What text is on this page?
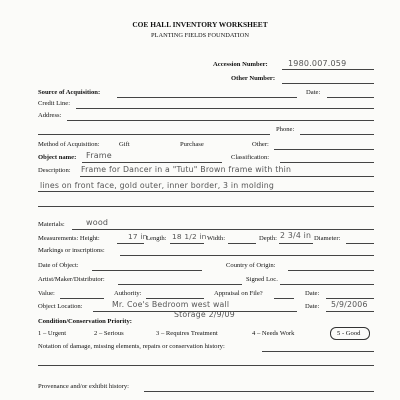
COE HALL INVENTORY WORKSHEET
PLANTING FIELDS FOUNDATION
Accession Number:	1980.007.059
Other Number:
Source of Acquisition:	Date:
Credit Line:
Address:
Phone:
Method of Acquisition:	Gift	Purchase	Other:
Object name: Frame	Classification:
Description: Frame for Dancer in a "Tutu" Brown frame with thin
lines on front face, gold outer, inner border, 3 in molding
Materials:	wood
Measurements: Height:	17 in
Length: 18 1/2 in Width:	Depth: 2 3/4 in Diameter:
Markings or inscriptions:
Date of Object:	Country of Origin:
Artist/Maker/Distributor:	Signed Loc.
Value:	Authority:	Appraisal on File?	Date:
Object Location:	Mr. Coe's Bedroom west wall
Storage 2/9/09
Date: 5/9/2006
Condition/Conservation Priority:
1 – Urgent	2 – Serious	3 – Requires Treatment	4 – Needs Work	5 - Good
Notation of damage, missing elements, repairs or conservation history:
Provenance and/or exhibit history:
